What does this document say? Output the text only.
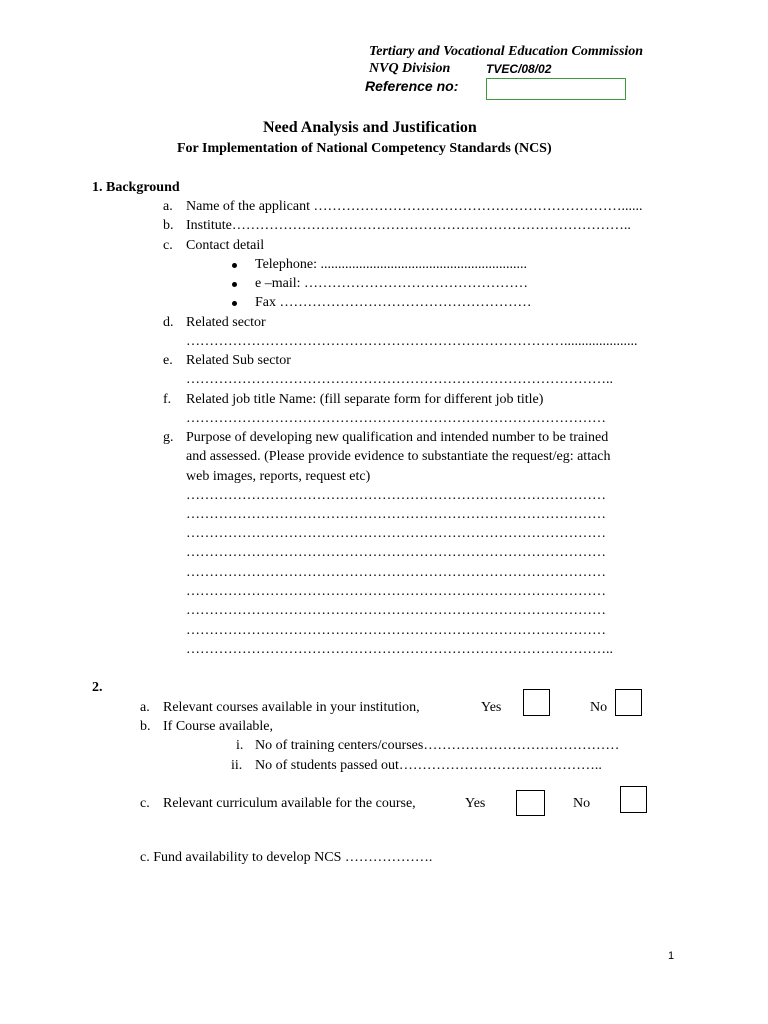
Tertiary and Vocational Education Commission
NVQ Division	TVEC/08/02
Reference no:
Need Analysis and Justification
For Implementation of National Competency Standards (NCS)
1. Background
a. Name of the applicant …………………………………………………………......
b. Institute…………………………………………………………………………..
c. Contact detail
Telephone: ...........................................................
e –mail: …………………………………………
Fax ………………………………………………
d. Related sector
……………………………………………………………………….....................
e. Related Sub sector
………………………………………………………………………………..
f. Related job title Name: (fill separate form for different job title)
………………………………………………………………………………
g. Purpose of developing new qualification and intended number to be trained
and assessed. (Please provide evidence to substantiate the request/eg: attach
web images, reports, request etc)
………………………………………………………………………………
………………………………………………………………………………
………………………………………………………………………………
………………………………………………………………………………
………………………………………………………………………………
………………………………………………………………………………
………………………………………………………………………………
………………………………………………………………………………
………………………………………………………………………………..
2.
a. Relevant courses available in your institution,	Yes	No
b. If Course available,
i. No of training centers/courses……………………………………
ii. No of students passed out……………………………………..
c. Relevant curriculum available for the course,	Yes	No
c. Fund availability to develop NCS ……………….
1
